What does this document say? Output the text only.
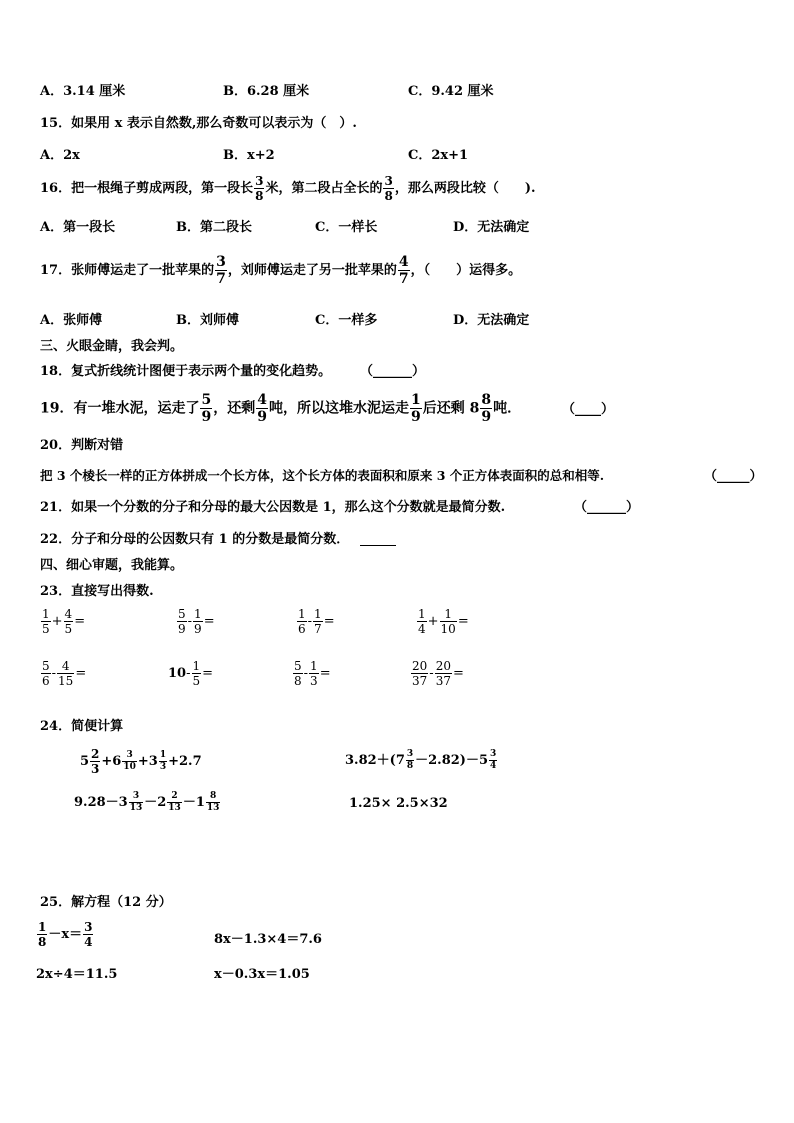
A．3.14 厘米	B．6.28 厘米	C．9.42 厘米
15．如果用 x 表示自然数,那么奇数可以表示为（　）.
A．2x	B．x+2	C．2x+1
16．把一根绳子剪成两段，第一段长 $\frac{3}{8}$ 米，第二段占全长的 $\frac{3}{8}$ ，那么两段比较（　　).
A．第一段长	B．第二段长	C．一样长	D．无法确定
17．张师傅运走了一批苹果的 $\frac{3}{7}$ ，刘师傅运走了另一批苹果的 $\frac{4}{7}$ ，（　　）运得多。
A．张师傅	B．刘师傅	C．一样多	D．无法确定
三、火眼金睛，我会判。
18．复式折线统计图便于表示两个量的变化趋势。 （______）
19．有一堆水泥，运走了 $\frac{5}{9}$ ，还剩 $\frac{4}{9}$ 吨，所以这堆水泥运走 $\frac{1}{9}$ 后还剩 $8 \frac{8}{9}$ 吨．	（____）
20．判断对错
把 3 个棱长一样的正方体拼成一个长方体，这个长方体的表面积和原来 3 个正方体表面积的总和相等.	（_____）
21．如果一个分数的分子和分母的最大公因数是 1，那么这个分数就是最简分数.	（______）
22．分子和分母的公因数只有 1 的分数是最简分数．
四、细心审题，我能算。
23．直接写出得数.
$\frac{1}{5} + \frac{4}{5}$ =	$\frac{5}{9} - \frac{1}{9}$ =	$\frac{1}{6} - \frac{1}{7}$ =	$\frac{1}{4} + \frac{1}{10}$ =
$\frac{5}{6} - \frac{4}{15}$ =	$10- \frac{1}{5}$ =	$\frac{5}{8} - \frac{1}{3}$ =	$\frac{20}{37} - \frac{20}{37}$ =
24．简便计算
$5 \frac{2}{3} +6 \frac{3}{10} +3 \frac{1}{3} +2.7$	$3.82+(7 \frac{3}{8} -2.82)-5 \frac{3}{4}$
$9.28-3 \frac{3}{13} -2 \frac{2}{13} -1 \frac{8}{13}$	1.25× 2.5×32
25．解方程（12 分）
$\frac{1}{8} -x= \frac{3}{4}$	8x－1.3×4＝7.6
2x÷4＝11.5	x－0.3x＝1.05
